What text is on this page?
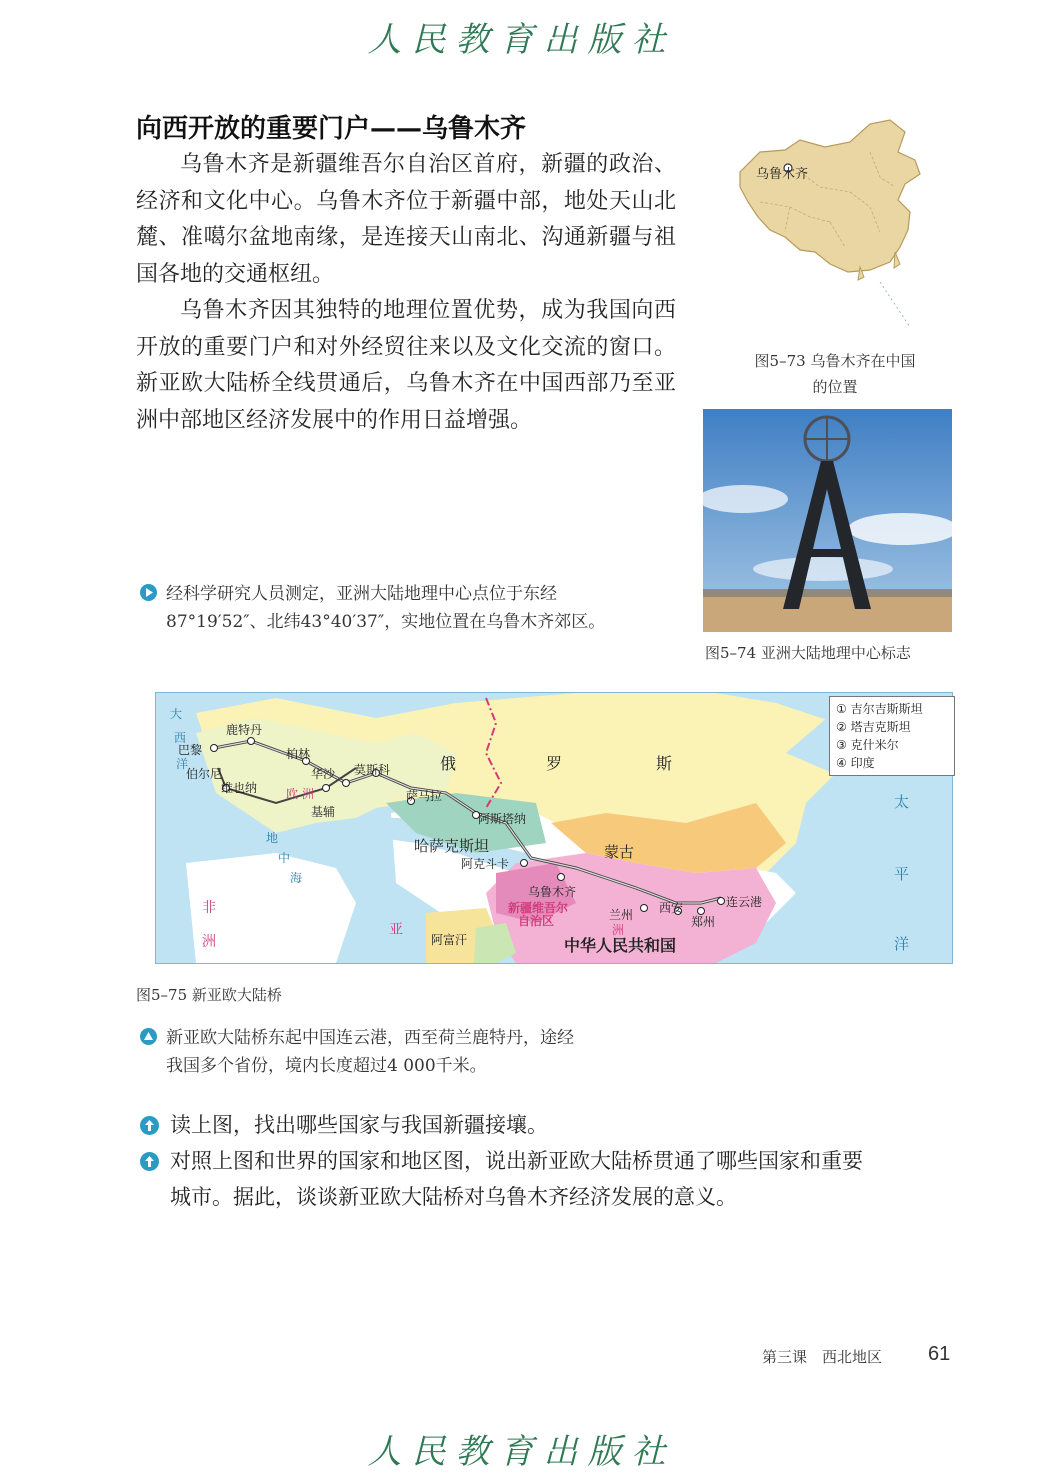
人民教育出版社
向西开放的重要门户——乌鲁木齐

乌鲁木齐是新疆维吾尔自治区首府，新疆的政治、经济和文化中心。乌鲁木齐位于新疆中部，地处天山北麓、准噶尔盆地南缘，是连接天山南北、沟通新疆与祖国各地的交通枢纽。

乌鲁木齐因其独特的地理位置优势，成为我国向西开放的重要门户和对外经贸往来以及文化交流的窗口。新亚欧大陆桥全线贯通后，乌鲁木齐在中国西部乃至亚洲中部地区经济发展中的作用日益增强。

乌鲁木齐
图5–73 乌鲁木齐在中国
的位置
图5–74 亚洲大陆地理中心标志
经科学研究人员测定，亚洲大陆地理中心点位于东经
87°19′52″、北纬43°40′37″，实地位置在乌鲁木齐郊区。
鹿特丹
巴黎	柏林
莫斯科
伯尔尼	华沙
维也纳
基辅
萨马拉
阿斯塔纳
阿克斗卡
乌鲁木齐
兰州 西安
郑州
连云港
俄	罗	斯
哈萨克斯坦	蒙古
中华人民共和国
新疆维吾尔
自治区
阿富汗
大
西
洋
欧 洲
亚	洲
非
洲
太
平
洋
地
中
海
① 吉尔吉斯斯坦
② 塔吉克斯坦
③ 克什米尔
④ 印度
图5–75 新亚欧大陆桥
新亚欧大陆桥东起中国连云港，西至荷兰鹿特丹，途经
我国多个省份，境内长度超过4 000千米。
读上图，找出哪些国家与我国新疆接壤。
对照上图和世界的国家和地区图，说出新亚欧大陆桥贯通了哪些国家和重要
城市。据此，谈谈新亚欧大陆桥对乌鲁木齐经济发展的意义。
第三课　西北地区 61
人民教育出版社
